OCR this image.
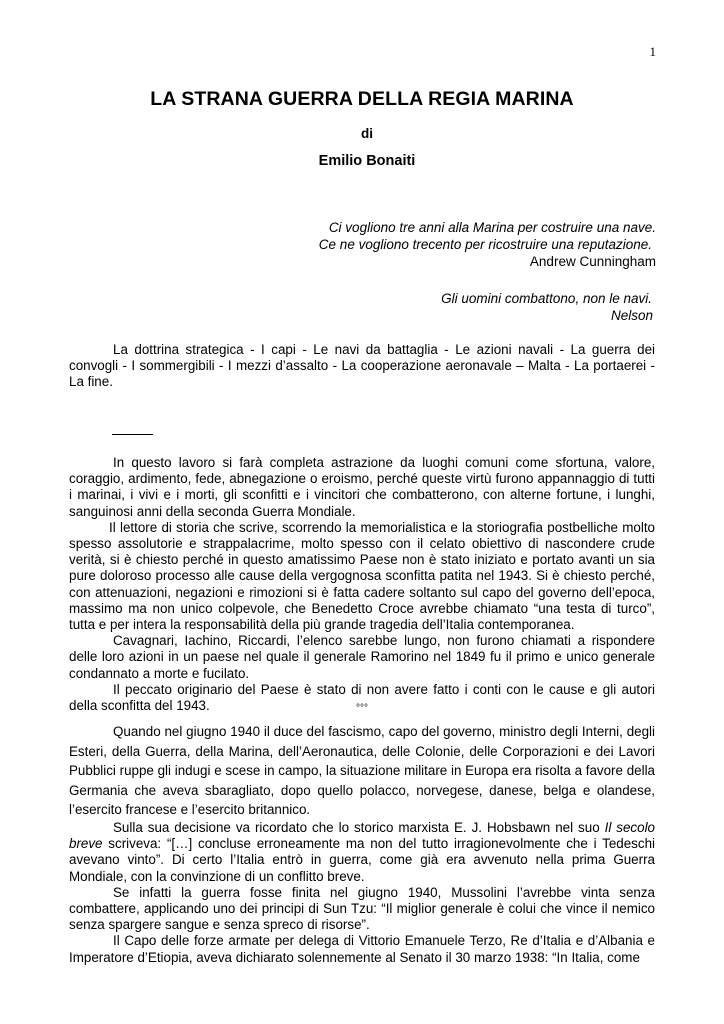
1
LA STRANA GUERRA DELLA REGIA MARINA
di
Emilio Bonaiti
Ci vogliono tre anni alla Marina per costruire una nave.
Ce ne vogliono trecento per ricostruire una reputazione.
Andrew Cunningham
Gli uomini combattono, non le navi.
Nelson

La dottrina strategica - I capi - Le navi da battaglia - Le azioni navali - La guerra dei convogli - I sommergibili - I mezzi d’assalto - La cooperazione aeronavale – Malta - La portaerei - La fine.

In questo lavoro si farà completa astrazione da luoghi comuni come sfortuna, valore, coraggio, ardimento, fede, abnegazione o eroismo, perché queste virtù furono appannaggio di tutti i marinai, i vivi e i morti, gli sconfitti e i vincitori che combatterono, con alterne fortune, i lunghi, sanguinosi anni della seconda Guerra Mondiale.

Il lettore di storia che scrive, scorrendo la memorialistica e la storiografia postbelliche molto spesso assolutorie e strappalacrime, molto spesso con il celato obiettivo di nascondere crude verità, si è chiesto perché in questo amatissimo Paese non è stato iniziato e portato avanti un sia pure doloroso processo alle cause della vergognosa sconfitta patita nel 1943. Si è chiesto perché, con attenuazioni, negazioni e rimozioni si è fatta cadere soltanto sul capo del governo dell’epoca, massimo ma non unico colpevole, che Benedetto Croce avrebbe chiamato “una testa di turco”, tutta e per intera la responsabilità della più grande tragedia dell’Italia contemporanea.

Cavagnari, Iachino, Riccardi, l’elenco sarebbe lungo, non furono chiamati a rispondere delle loro azioni in un paese nel quale il generale Ramorino nel 1849 fu il primo e unico generale condannato a morte e fucilato.

Il peccato originario del Paese è stato di non avere fatto i conti con le cause e gli autori della sconfitta del 1943.	°°°

Quando nel giugno 1940 il duce del fascismo, capo del governo, ministro degli Interni, degli Esteri, della Guerra, della Marina, dell’Aeronautica, delle Colonie, delle Corporazioni e dei Lavori Pubblici ruppe gli indugi e scese in campo, la situazione militare in Europa era risolta a favore della Germania che aveva sbaragliato, dopo quello polacco, norvegese, danese, belga e olandese, l’esercito francese e l’esercito britannico.

Sulla sua decisione va ricordato che lo storico marxista E. J. Hobsbawn nel suo Il secolo breve scriveva: “[…] concluse erroneamente ma non del tutto irragionevolmente che i Tedeschi avevano vinto”. Di certo l’Italia entrò in guerra, come già era avvenuto nella prima Guerra Mondiale, con la convinzione di un conflitto breve.

Se infatti la guerra fosse finita nel giugno 1940, Mussolini l’avrebbe vinta senza combattere, applicando uno dei principi di Sun Tzu: “Il miglior generale è colui che vince il nemico senza spargere sangue e senza spreco di risorse”.

Il Capo delle forze armate per delega di Vittorio Emanuele Terzo, Re d’Italia e d’Albania e Imperatore d’Etiopia, aveva dichiarato solennemente al Senato il 30 marzo 1938: “In Italia, come
